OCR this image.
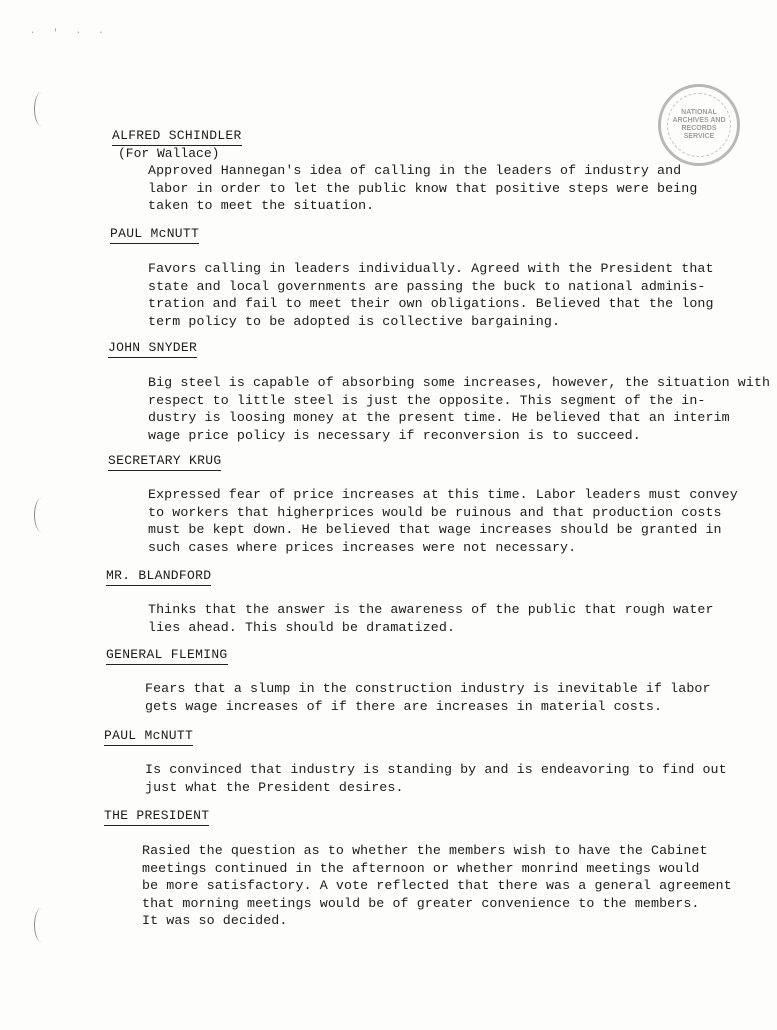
· ' · ·
NATIONAL
ARCHIVES AND
RECORDS
SERVICE
ALFRED SCHINDLER
(For Wallace)
Approved Hannegan's idea of calling in the leaders of industry and
labor in order to let the public know that positive steps were being
taken to meet the situation.
PAUL McNUTT
Favors calling in leaders individually. Agreed with the President that
state and local governments are passing the buck to national adminis-
tration and fail to meet their own obligations. Believed that the long
term policy to be adopted is collective bargaining.
JOHN SNYDER
Big steel is capable of absorbing some increases, however, the situation with
respect to little steel is just the opposite. This segment of the in-
dustry is loosing money at the present time. He believed that an interim
wage price policy is necessary if reconversion is to succeed.
SECRETARY KRUG
Expressed fear of price increases at this time. Labor leaders must convey
to workers that higherprices would be ruinous and that production costs
must be kept down. He believed that wage increases should be granted in
such cases where prices increases were not necessary.
MR. BLANDFORD
Thinks that the answer is the awareness of the public that rough water
lies ahead. This should be dramatized.
GENERAL FLEMING
Fears that a slump in the construction industry is inevitable if labor
gets wage increases of if there are increases in material costs.
PAUL McNUTT
Is convinced that industry is standing by and is endeavoring to find out
just what the President desires.
THE PRESIDENT
Rasied the question as to whether the members wish to have the Cabinet
meetings continued in the afternoon or whether monrind meetings would
be more satisfactory. A vote reflected that there was a general agreement
that morning meetings would be of greater convenience to the members.
It was so decided.
